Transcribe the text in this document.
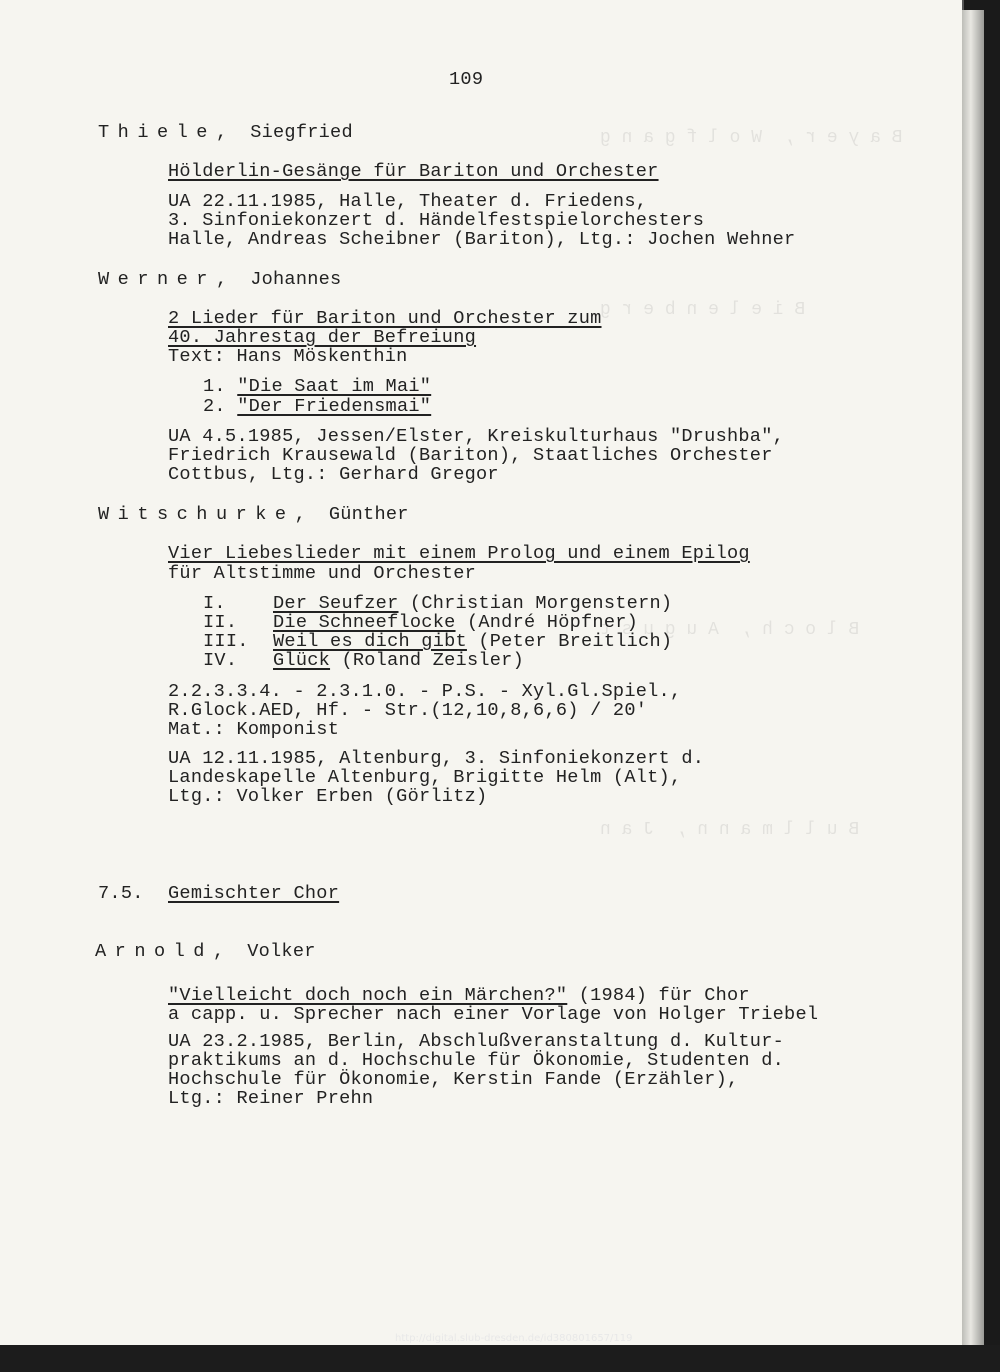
B a y e r ,  W o l f g a n g
B i e l e n b e r g
B l o c h ,  A u g u s t
B u l l m a n n ,  J a n
109
Thiele,  Siegfried
Hölderlin-Gesänge für Bariton und Orchester
UA 22.11.1985, Halle, Theater d. Friedens,
3. Sinfoniekonzert d. Händelfestspielorchesters
Halle, Andreas Scheibner (Bariton), Ltg.: Jochen Wehner
Werner,  Johannes
2 Lieder für Bariton und Orchester zum
40. Jahrestag der Befreiung
Text: Hans Möskenthin
1. "Die Saat im Mai"
2. "Der Friedensmai"
UA 4.5.1985, Jessen/Elster, Kreiskulturhaus "Drushba",
Friedrich Krausewald (Bariton), Staatliches Orchester
Cottbus, Ltg.: Gerhard Gregor
Witschurke,  Günther
Vier Liebeslieder mit einem Prolog und einem Epilog
für Altstimme und Orchester
I.	Der Seufzer (Christian Morgenstern)
II. Die Schneeflocke (André Höpfner)
III. Weil es dich gibt (Peter Breitlich)
IV. Glück (Roland Zeisler)
2.2.3.3.4. - 2.3.1.0. - P.S. - Xyl.Gl.Spiel.,
R.Glock.AED, Hf. - Str.(12,10,8,6,6) / 20'
Mat.: Komponist
UA 12.11.1985, Altenburg, 3. Sinfoniekonzert d.
Landeskapelle Altenburg, Brigitte Helm (Alt),
Ltg.: Volker Erben (Görlitz)
7.5. Gemischter Chor
Arnold,  Volker
"Vielleicht doch noch ein Märchen?" (1984) für Chor
a capp. u. Sprecher nach einer Vorlage von Holger Triebel
UA 23.2.1985, Berlin, Abschlußveranstaltung d. Kultur-
praktikums an d. Hochschule für Ökonomie, Studenten d.
Hochschule für Ökonomie, Kerstin Fande (Erzähler),
Ltg.: Reiner Prehn
http://digital.slub-dresden.de/id380801657/119
